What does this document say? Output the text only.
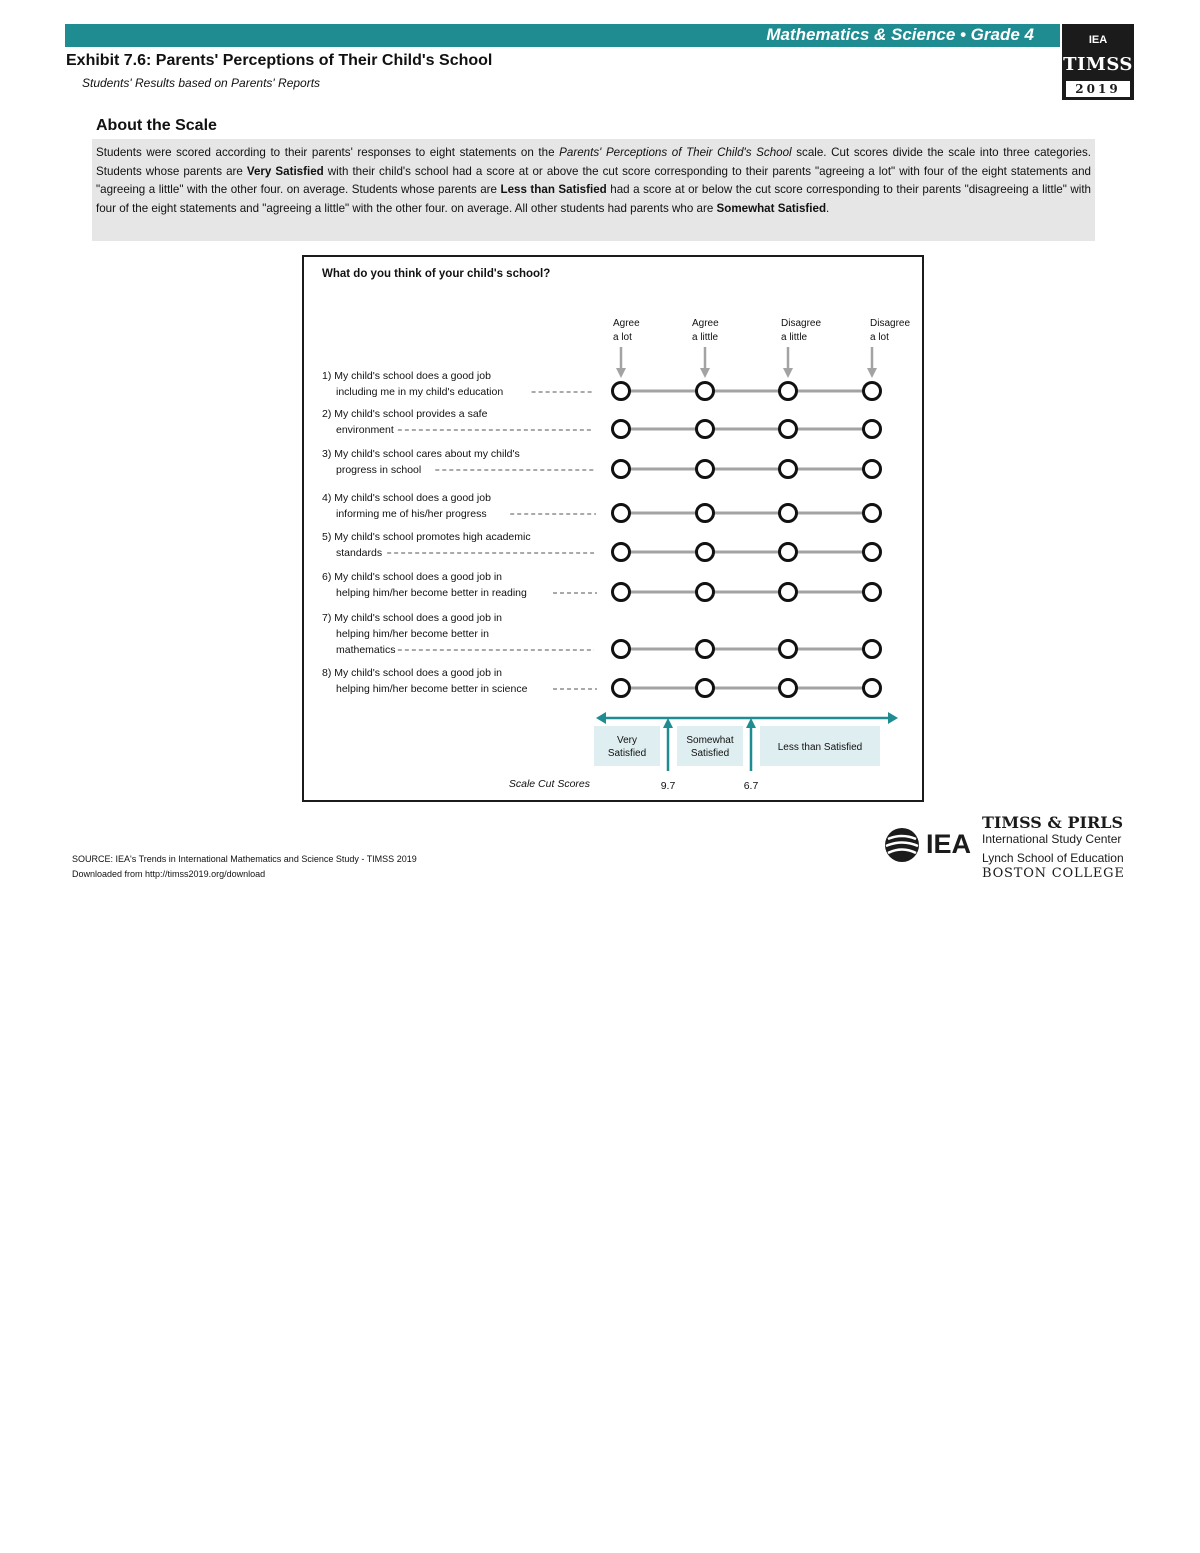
Mathematics & Science • Grade 4	IEA
TIMSS
2019
Exhibit 7.6: Parents' Perceptions of Their Child's School
Students' Results based on Parents' Reports
About the Scale
Students were scored according to their parents' responses to eight statements on the Parents' Perceptions of Their Child's School scale. Cut scores divide the scale into three categories. Students whose parents are Very Satisfied with their child's school had a score at or above the cut score corresponding to their parents "agreeing a lot" with four of the eight statements and "agreeing a little" with the other four. on average. Students whose parents are Less than Satisfied had a score at or below the cut score corresponding to their parents "disagreeing a little" with four of the eight statements and "agreeing a little" with the other four. on average. All other students had parents who are Somewhat Satisfied.
What do you think of your child's school?
Agree
a lot
Agree
a little
Disagree
a little
Disagree
a lot
1) My child's school does a good job
including me in my child's education
2) My child's school provides a safe
environment
3) My child's school cares about my child's
progress in school
4) My child's school does a good job
informing me of his/her progress
5) My child's school promotes high academic
standards
6) My child's school does a good job in
helping him/her become better in reading
7) My child's school does a good job in
helping him/her become better in
mathematics
8) My child's school does a good job in
helping him/her become better in science
Very
Satisfied
Somewhat
Satisfied
Less than Satisfied
Scale Cut Scores	9.7	6.7
SOURCE: IEA's Trends in International Mathematics and Science Study - TIMSS 2019
Downloaded from http://timss2019.org/download
IEA
TIMSS & PIRLS
International Study Center
Lynch School of Education
BOSTON COLLEGE
